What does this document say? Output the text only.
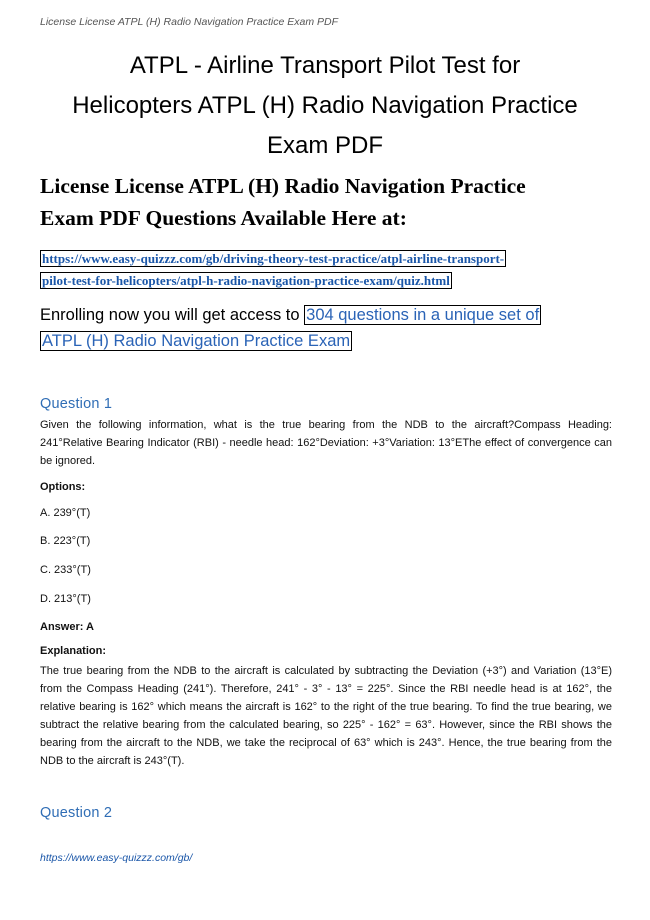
License License ATPL (H) Radio Navigation Practice Exam PDF
ATPL - Airline Transport Pilot Test for
Helicopters ATPL (H) Radio Navigation Practice
Exam PDF
License License ATPL (H) Radio Navigation Practice
Exam PDF Questions Available Here at:
https://www.easy-quizzz.com/gb/driving-theory-test-practice/atpl-airline-transport-
pilot-test-for-helicopters/atpl-h-radio-navigation-practice-exam/quiz.html
Enrolling now you will get access to 304 questions in a unique set of
ATPL (H) Radio Navigation Practice Exam
Question 1
Given the following information, what is the true bearing from the NDB to the aircraft?Compass Heading: 241°Relative Bearing Indicator (RBI) - needle head: 162°Deviation: +3°Variation: 13°EThe effect of convergence can be ignored.
Options:
A. 239°(T)
B. 223°(T)
C. 233°(T)
D. 213°(T)
Answer: A
Explanation:
The true bearing from the NDB to the aircraft is calculated by subtracting the Deviation (+3°) and Variation (13°E) from the Compass Heading (241°). Therefore, 241° - 3° - 13° = 225°. Since the RBI needle head is at 162°, the relative bearing is 162° which means the aircraft is 162° to the right of the true bearing. To find the true bearing, we subtract the relative bearing from the calculated bearing, so 225° - 162° = 63°. However, since the RBI shows the bearing from the aircraft to the NDB, we take the reciprocal of 63° which is 243°. Hence, the true bearing from the NDB to the aircraft is 243°(T).
Question 2
https://www.easy-quizzz.com/gb/
